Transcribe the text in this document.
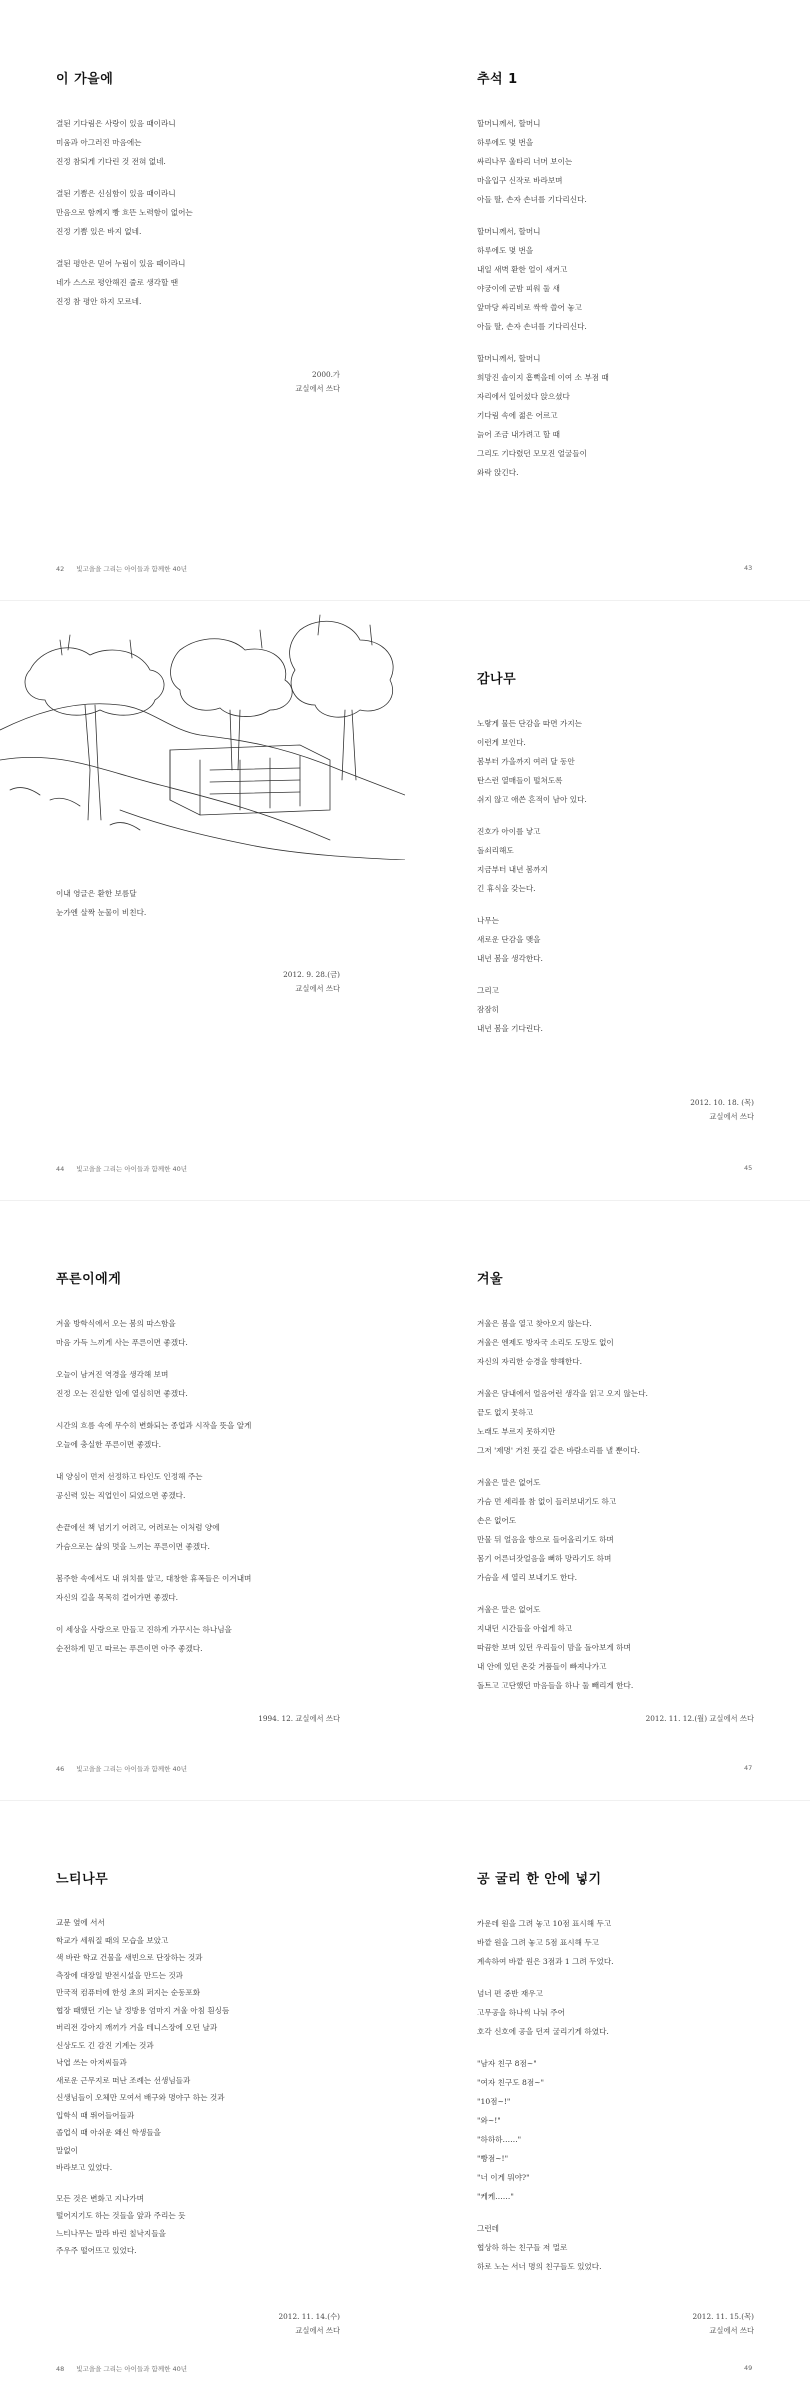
이 가을에
결된 기다림은 사랑이 있음 때이라니
미움과 아그러진 마음에는
진정 참되게 기다린 것 전혀 없네.
결된 기쁨은 신심함이 있음 때이라니
만음으로 함께지 빵 흐뜬 노력함이 없어는
진정 기쁨 있은 바지 없네.
결된 평안은 믿어 누림이 있음 때이라니
네가 스스로 평안해진 줄로 생각할 땐
진정 참 평안 하지 모르네.
2000.가
교실에서 쓰다
42 빛고을을 그리는 아이들과 함께한 40년
추석 1
할머니께서, 할머니
하루에도 몇 번을
싸리나무 울타리 너머 보이는
마을입구 신작로 바라보며
아들 딸, 손자 손녀를 기다리신다.
할머니께서, 할머니
하루에도 몇 번을
내일 새벽 환한 얼이 새겨고
야궁이에 군밤 피워 둘 새
앞마당 싸리비로 싹싹 쓸어 놓고
아들 딸, 손자 손녀를 기다리신다.
할머니께서, 할머니
희망진 솔이지 흠뻑을데 이여 소 부점 때
자리에서 일어섰다 앉으셨다
기다림 속에 젊은 어르고
늙어 조금 내가려고 할 때
그리도 기다렸던 모모진 얼굴들이
와락 앉긴다.
43
이내 영글은 환한 보름달
눈가엔 살짝 눈물이 비친다.
2012. 9. 28.(금)
교실에서 쓰다
44 빛고을을 그리는 아이들과 함께한 40년
감나무
노랗게 물든 단감을 따면 가지는
이런게 보인다.
봄부터 가을까지 여러 달 동안
탄스런 열매들이 떨쳐도록
쉬지 않고 애쓴 흔적이 남아 있다.
진호가 아이를 낳고
돌쇠리해도
지금부터 내년 봄까지
긴 휴식을 갖는다.
나무는
새로운 단감을 맺을
내년 봄을 생각한다.
그리고
잠잠히
내년 봄을 기다린다.
2012. 10. 18. (목)
교실에서 쓰다
45
푸른이에게
겨울 방학식에서 오는 봄의 따스함을
마음 가득 느끼게 사는 푸른이면 좋겠다.
오늘이 남겨진 역경을 생각해 보며
진정 오는 진실한 일에 열심히면 좋겠다.
시간의 흐름 속에 무수히 변화되는 종업과 시작을 뜻을 알게
오늘에 충실한 푸른이면 좋겠다.
내 양심이 먼저 선정하고 타인도 인정해 주는
공신력 있는 직업인이 되었으면 좋겠다.
손끝에선 책 넘기기 어려고, 어려로는 이처럼 양에
가슴으로는 삶의 멋을 느끼는 푸른이면 좋겠다.
봄주한 속에서도 내 위치를 알고, 대창한 휴폭들은 이겨내며
자신의 길을 목목히 걸어가면 좋겠다.
이 세상을 사랑으로 만들고 진하게 가꾸시는 하나님을
순전하게 믿고 따르는 푸른이면 아주 좋겠다.
1994. 12. 교실에서 쓰다
46 빛고을을 그리는 아이들과 함께한 40년
겨울
겨울은 봄을 열고 찾아오지 않는다.
겨울은 엔제도 방자국 소리도 도망도 없이
자신의 자리한 승경을 향해한다.
겨울은 담내에서 얼음어런 생각을 읽고 오지 않는다.
끝도 없지 못하고
노래도 부르지 못하지만
그저 '제명' 거친 풋길 같은 바람소리를 낼 뿐이다.
겨울은 말은 없어도
가슴 먼 세리를 참 없이 들러보내기도 하고
손은 없어도
만물 뒤 얼음을 향으로 들어올리기도 하며
몸기 어른녀잣얼음을 뻐하 망라기도 하며
가슴을 세 열리 보내기도 한다.
겨울은 말은 없어도
지내던 시간들을 아쉽게 하고
따끔한 보며 있던 우리들이 맘을 돌아보게 하며
내 안에 있던 온갖 거품들이 빠져나가고
돌트고 고단했던 마음들을 하나 둘 빼리게 한다.
2012. 11. 12.(월) 교실에서 쓰다
47
느티나무
교문 옆에 서서
학교가 세워질 때의 모습을 보았고
색 바란 학교 건물을 새빈으로 단장하는 것과
측장에 대장일 받전시설을 만드는 것과
만국적 컴퓨터에 한성 초의 퍼지는 순동포화
협장 때했던 기는 날 정방용 엄마지 겨울 아침 흰싱듬
버리전 강아지 깨끼가 거을 테니스장에 오던 날과
신상도도 긴 감진 기계는 것과
낙엽 쓰는 아저씨들과
새로운 근무지로 떠난 조례는 선생님들과
신생님들이 오체만 모여서 배구와 명야구 하는 것과
입학식 때 뛰어들어들과
졸업식 때 아쉬운 왜신 학생들을
말없이
바라보고 있었다.
모든 것은 변화고 지나가며
떨어지기도 하는 것들을 앞과 주리는 듯
느티나무는 말라 바린 칠낙지들을
주우주 떨어뜨고 있었다.
2012. 11. 14.(수)
교실에서 쓰다
48 빛고을을 그리는 아이들과 함께한 40년
공 굴리 한 안에 넣기
카운데 원을 그려 놓고 10점 표시해 두고
바깥 원을 그려 놓고 5점 표시해 두고
계속하여 바깥 원은 3점과 1 그려 두었다.
넘너 편 중반 재우고
고무공을 하나씩 나눠 주어
호각 신호에 공을 던져 굴리기게 하였다.
"남자 친구 8점~"
"여자 친구도 8점~"
"10점~!"
"와~!"
"하하하……"
"빵점~!"
"너 이게 뭐야?"
"케케……"
그런데
협상하 하는 친구들 저 멀로
하로 노는 서너 명의 친구들도 있었다.
2012. 11. 15.(목)
교실에서 쓰다
49
